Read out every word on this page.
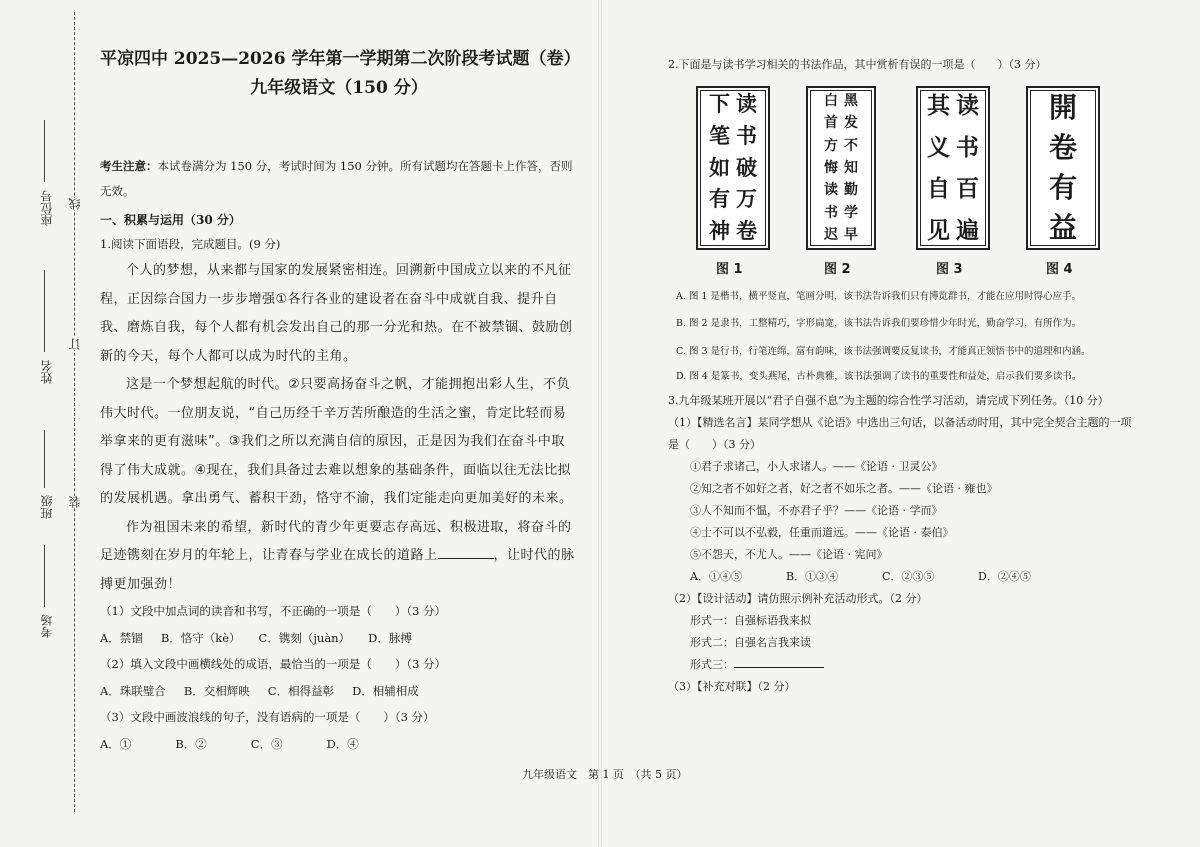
座位号
姓名
班级
考场
线
订
装
平凉四中 2025—2026 学年第一学期第二次阶段考试题（卷）
九年级语文（150 分）
考生注意：本试卷满分为 150 分，考试时间为 150 分钟。所有试题均在答题卡上作答，否则无效。
一、积累与运用（30 分）
1.阅读下面语段，完成题目。(9 分)

个人的梦想，从来都与国家的发展紧密相连。回溯新中国成立以来的不凡征程，正因综合国力一步步增强①各行各业的建设者在奋斗中成就自我、提升自我、磨炼自我，每个人都有机会发出自己的那一分光和热。在不被禁锢、鼓励创新的今天，每个人都可以成为时代的主角。

这是一个梦想起航的时代。②只要高扬奋斗之帆，才能拥抱出彩人生，不负伟大时代。一位朋友说，“自己历经千辛万苦所酿造的生活之蜜，肯定比轻而易举拿来的更有滋味”。③我们之所以充满自信的原因，正是因为我们在奋斗中取得了伟大成就。④现在，我们具备过去难以想象的基础条件，面临以往无法比拟的发展机遇。拿出勇气、蓄积干劲，恪守不渝，我们定能走向更加美好的未来。

作为祖国未来的希望，新时代的青少年更要志存高远、积极进取，将奋斗的足迹镌刻在岁月的年轮上，让青春与学业在成长的道路上	，让时代的脉搏更加强劲！

（1）文段中加点词的读音和书写，不正确的一项是（　　）（3 分）
A．禁锢 B．恪守（kè） C．镌刻（juàn） D．脉搏
（2）填入文段中画横线处的成语，最恰当的一项是（　　）（3 分）
A．珠联璧合 B．交相辉映 C．相得益彰 D．相辅相成
（3）文段中画波浪线的句子，没有语病的一项是（　　）（3 分）
A．①	B．②	C．③	D．④
2.下面是与读书学习相关的书法作品，其中赏析有误的一项是（　　）（3 分）
读
书
破
万
卷
下
笔
如
有
神
黑
发
不
知
勤
学
早
白
首
方
悔
读
书
迟
读
书
百
遍
其
义
自
见
開
卷
有
益
图 1	图 2	图 3	图 4
A. 图 1 是楷书，横平竖直，笔画分明，该书法告诉我们只有博览群书，才能在应用时得心应手。
B. 图 2 是隶书，工整精巧，字形扁宽，该书法告诉我们要珍惜少年时光，勤奋学习，有所作为。
C. 图 3 是行书，行笔连绵，富有韵味，该书法强调要反复读书，才能真正领悟书中的道理和内涵。
D. 图 4 是篆书，变头燕尾，古朴典雅，该书法强调了读书的重要性和益处，启示我们要多读书。
3.九年级某班开展以“君子自强不息”为主题的综合性学习活动，请完成下列任务。（10 分）
（1）【精选名言】某同学想从《论语》中选出三句话，以备活动时用，其中完全契合主题的一项是（　　）（3 分）
①君子求诸己，小人求诸人。——《论语 · 卫灵公》
②知之者不如好之者，好之者不如乐之者。——《论语 · 雍也》
③人不知而不愠，不亦君子乎？——《论语 · 学而》
④士不可以不弘毅，任重而道远。——《论语 · 泰伯》
⑤不怨天，不尤人。——《论语 · 宪问》
A．①④⑤	B．①③④	C．②③⑤	D．②④⑤
（2）【设计活动】请仿照示例补充活动形式。（2 分）
形式一：自强标语我来拟
形式二：自强名言我来读
形式三：
（3）【补充对联】（2 分）
九年级语文　第 1 页　（共 5 页）
